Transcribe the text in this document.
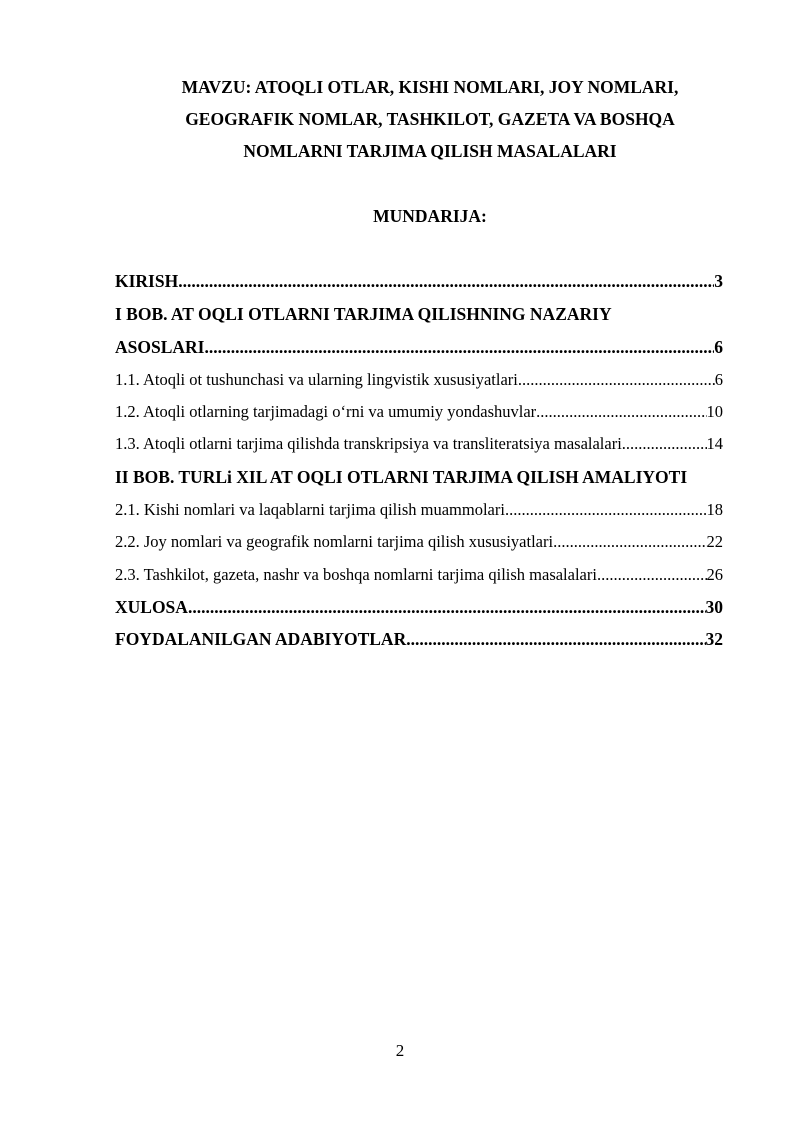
MAVZU: ATOQLI OTLAR, KISHI NOMLARI, JOY NOMLARI,
GEOGRAFIK NOMLAR, TASHKILOT, GAZETA VA BOSHQA
NOMLARNI TARJIMA QILISH MASALALARI
MUNDARIJA:
KIRISH .....	3
I BOB. AT OQLI OTLARNI TARJIMA QILISHNING NAZARIY
ASOSLARI .....	6
1.1. Atoqli ot tushunchasi va ularning lingvistik xususiyatlari .....	6
1.2. Atoqli otlarning tarjimadagi o‘rni va umumiy yondashuvlar .....	10
1.3. Atoqli otlarni tarjima qilishda transkripsiya va transliteratsiya masalalari. .....	14
II BOB. TURLi XIL AT OQLI OTLARNI TARJIMA QILISH AMALIYOTI
2.1. Kishi nomlari va laqablarni tarjima qilish muammolari .....	18
2.2. Joy nomlari va geografik nomlarni tarjima qilish xususiyatlari .....	22
2.3. Tashkilot, gazeta, nashr va boshqa nomlarni tarjima qilish masalalari .....	26
XULOSA .....	30
FOYDALANILGAN ADABIYOTLAR .....	32
2
